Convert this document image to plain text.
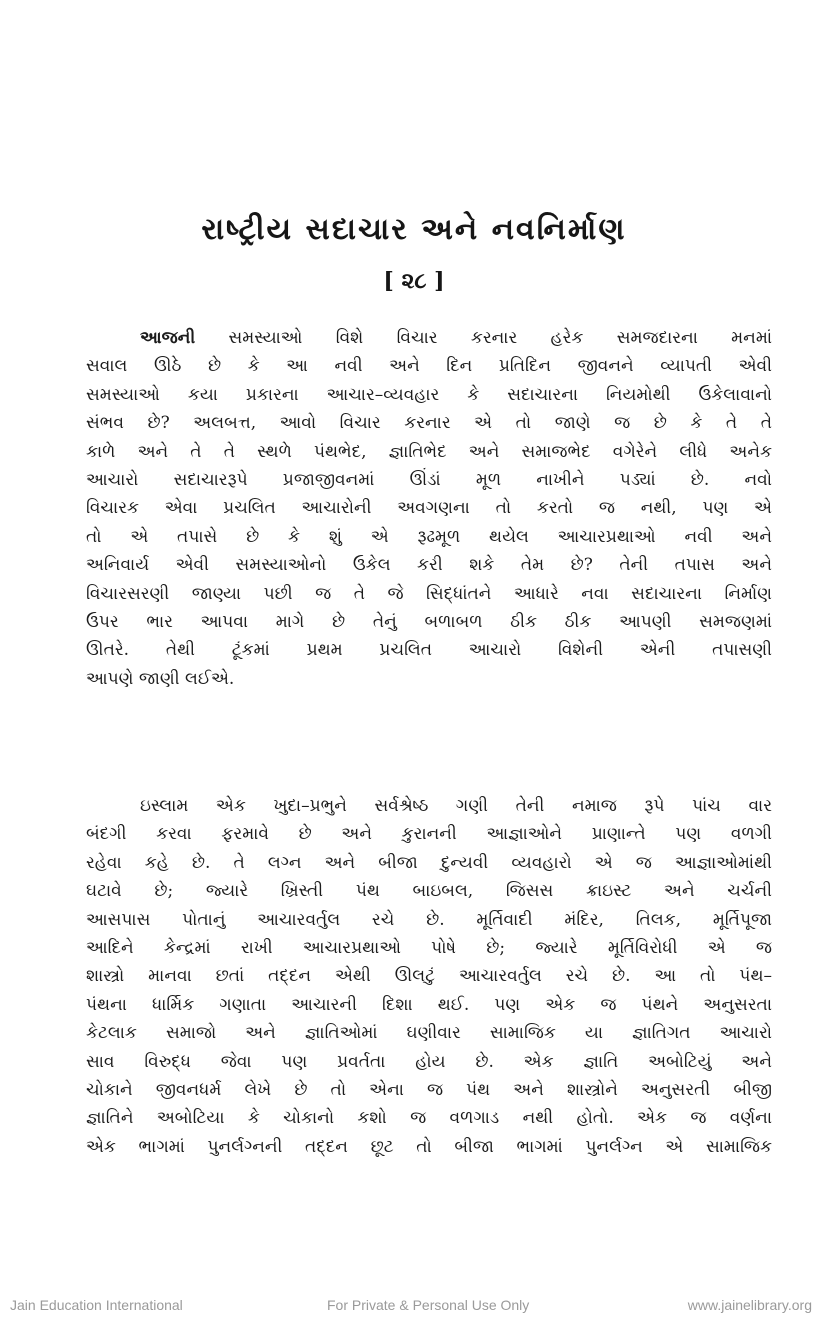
રાષ્ટ્રીય સદાચાર અને નવનિર્માણ
[ ૨૮ ]
આજની સમસ્યાઓ વિશે વિચાર કરનાર હરેક સમજદારના મનમાં
સવાલ ઊઠે છે કે આ નવી અને દિન પ્રતિદિન જીવનને વ્યાપતી એવી
સમસ્યાઓ કયા પ્રકારના આચાર–વ્યવહાર કે સદાચારના નિયમોથી ઉકેલાવાનો
સંભવ છે? અલબત્ત, આવો વિચાર કરનાર એ તો જાણે જ છે કે તે તે
કાળે અને તે તે સ્થળે પંથભેદ, જ્ઞાતિભેદ અને સમાજભેદ વગેરેને લીધે અનેક
આચારો સદાચારરૂપે પ્રજાજીવનમાં ઊંડાં મૂળ નાખીને પડ્યાં છે. નવો
વિચારક એવા પ્રચલિત આચારોની અવગણના તો કરતો જ નથી, પણ એ
તો એ તપાસે છે કે શું એ રૂઢમૂળ થયેલ આચારપ્રથાઓ નવી અને
અનિવાર્ય એવી સમસ્યાઓનો ઉકેલ કરી શકે તેમ છે? તેની તપાસ અને
વિચારસરણી જાણ્યા પછી જ તે જે સિદ્ધાંતને આધારે નવા સદાચારના નિર્માણ
ઉપર ભાર આપવા માગે છે તેનું બળાબળ ઠીક ઠીક આપણી સમજણમાં
ઊતરે. તેથી ટૂંકમાં પ્રથમ પ્રચલિત આચારો વિશેની એની તપાસણી
આપણે જાણી લઈએ.
ઇસ્લામ એક ખુદા–પ્રભુને સર્વશ્રેષ્ઠ ગણી તેની નમાજ રૂપે પાંચ વાર
બંદગી કરવા ફરમાવે છે અને કુરાનની આજ્ઞાઓને પ્રાણાન્તે પણ વળગી
રહેવા કહે છે. તે લગ્ન અને બીજા દુન્યવી વ્યવહારો એ જ આજ્ઞાઓમાંથી
ઘટાવે છે; જ્યારે ખ્રિસ્તી પંથ બાઇબલ, જિસસ ક્રાઇસ્ટ અને ચર્ચની
આસપાસ પોતાનું આચારવર્તુલ રચે છે. મૂર્તિવાદી મંદિર, તિલક, મૂર્તિપૂજા
આદિને કેન્દ્રમાં રાખી આચારપ્રથાઓ પોષે છે; જ્યારે મૂર્તિવિરોધી એ જ
શાસ્ત્રો માનવા છતાં તદ્દન એથી ઊલટું આચારવર્તુલ રચે છે. આ તો પંથ–
પંથના ધાર્મિક ગણાતા આચારની દિશા થઈ. પણ એક જ પંથને અનુસરતા
કેટલાક સમાજો અને જ્ઞાતિઓમાં ઘણીવાર સામાજિક યા જ્ઞાતિગત આચારો
સાવ વિરુદ્ધ જેવા પણ પ્રવર્તતા હોય છે. એક જ્ઞાતિ અબોટિયું અને
ચોકાને જીવનધર્મ લેખે છે તો એના જ પંથ અને શાસ્ત્રોને અનુસરતી બીજી
જ્ઞાતિને અબોટિયા કે ચોકાનો કશો જ વળગાડ નથી હોતો. એક જ વર્ણના
એક ભાગમાં પુનર્લગ્નની તદ્દન છૂટ તો બીજા ભાગમાં પુનર્લગ્ન એ સામાજિક
Jain Education International	For Private & Personal Use Only	www.jainelibrary.org
